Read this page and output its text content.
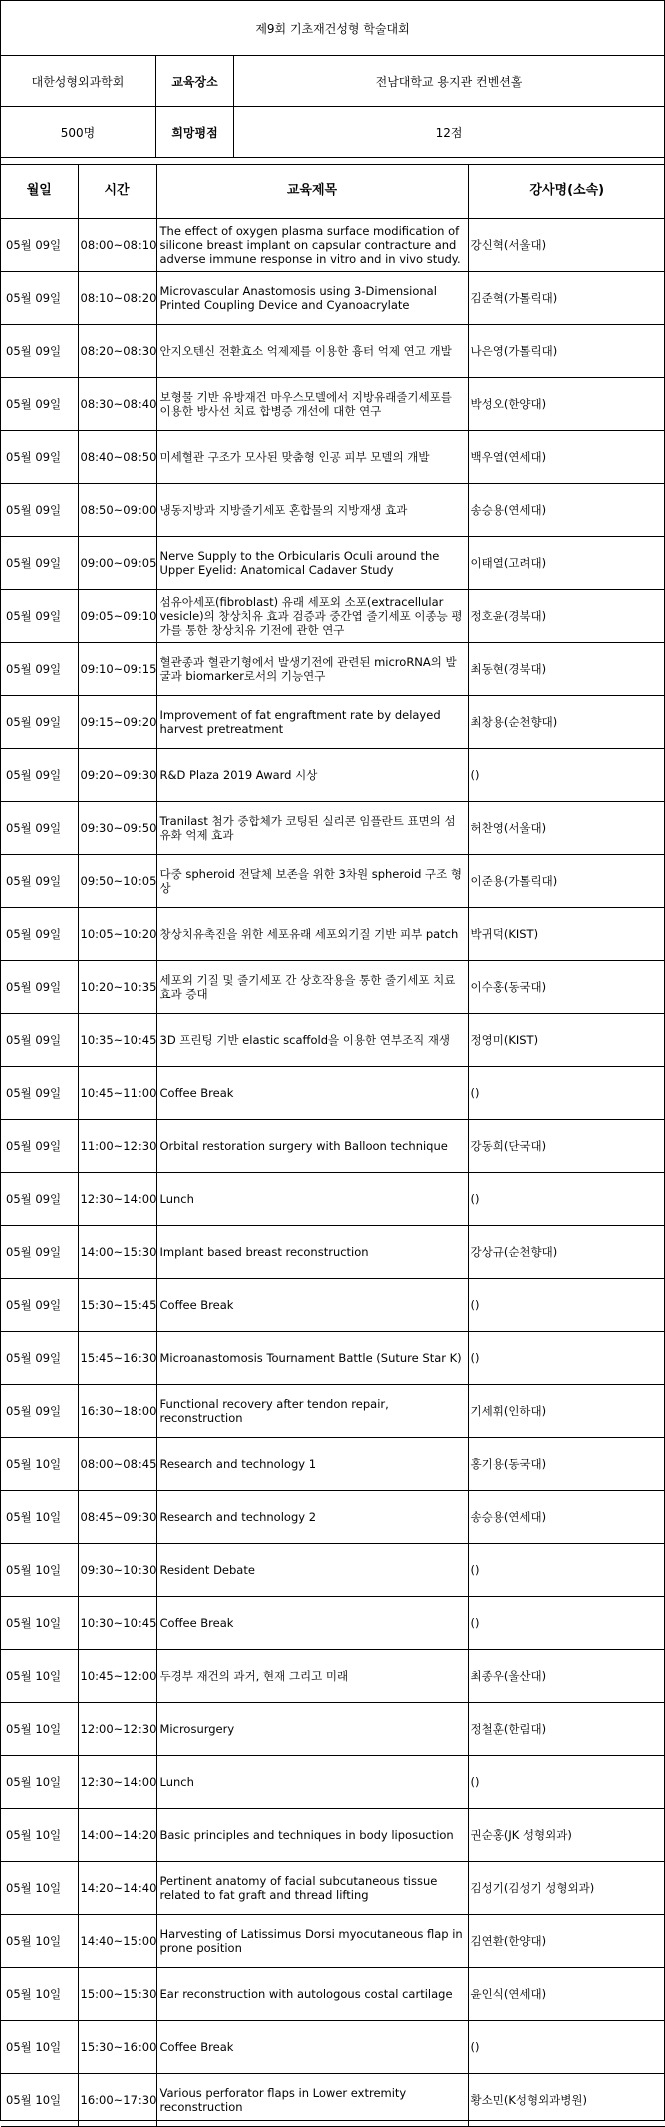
제9회 기초재건성형 학술대회
대한성형외과학회	교육장소	전남대학교 용지관 컨벤션홀
500명	희망평점	12점
월일	시간	교육제목	강사명(소속)
05월 09일	08:00~08:10	The effect of oxygen plasma surface modification of silicone breast implant on capsular contracture and adverse immune response in vitro and in vivo study.	강신혁(서울대)
05월 09일	08:10~08:20	Microvascular Anastomosis using 3-Dimensional Printed Coupling Device and Cyanoacrylate	김준혁(가톨릭대)
05월 09일	08:20~08:30	안지오텐신 전환효소 억제제를 이용한 흉터 억제 연고 개발	나은영(가톨릭대)
05월 09일	08:30~08:40	보형물 기반 유방재건 마우스모델에서 지방유래줄기세포를 이용한 방사선 치료 합병증 개선에 대한 연구	박성오(한양대)
05월 09일	08:40~08:50	미세혈관 구조가 모사된 맞춤형 인공 피부 모델의 개발	백우열(연세대)
05월 09일	08:50~09:00	냉동지방과 지방줄기세포 혼합물의 지방재생 효과	송승용(연세대)
05월 09일	09:00~09:05	Nerve Supply to the Orbicularis Oculi around the Upper Eyelid: Anatomical Cadaver Study	이태열(고려대)
05월 09일	09:05~09:10	섬유아세포(fibroblast) 유래 세포외 소포(extracellular vesicle)의 창상치유 효과 검증과 중간엽 줄기세포 이종능 평가를 통한 창상치유 기전에 관한 연구	정호윤(경북대)
05월 09일	09:10~09:15	혈관종과 혈관기형에서 발생기전에 관련된 microRNA의 발굴과 biomarker로서의 기능연구	최동현(경북대)
05월 09일	09:15~09:20	Improvement of fat engraftment rate by delayed harvest pretreatment	최창용(순천향대)
05월 09일	09:20~09:30	R&D Plaza 2019 Award 시상	()
05월 09일	09:30~09:50	Tranilast 첨가 중합체가 코팅된 실리콘 임플란트 표면의 섬유화 억제 효과	허찬영(서울대)
05월 09일	09:50~10:05	다중 spheroid 전달체 보존을 위한 3차원 spheroid 구조 형상	이준용(가톨릭대)
05월 09일	10:05~10:20	창상치유촉진을 위한 세포유래 세포외기질 기반 피부 patch	박귀덕(KIST)
05월 09일	10:20~10:35	세포외 기질 및 줄기세포 간 상호작용을 통한 줄기세포 치료효과 증대	이수홍(동국대)
05월 09일	10:35~10:45	3D 프린팅 기반 elastic scaffold을 이용한 연부조직 재생	정영미(KIST)
05월 09일	10:45~11:00	Coffee Break	()
05월 09일	11:00~12:30	Orbital restoration surgery with Balloon technique	강동희(단국대)
05월 09일	12:30~14:00	Lunch	()
05월 09일	14:00~15:30	Implant based breast reconstruction	강상규(순천향대)
05월 09일	15:30~15:45	Coffee Break	()
05월 09일	15:45~16:30	Microanastomosis Tournament Battle (Suture Star K)	()
05월 09일	16:30~18:00	Functional recovery after tendon repair, reconstruction	기세휘(인하대)
05월 10일	08:00~08:45	Research and technology 1	홍기용(동국대)
05월 10일	08:45~09:30	Research and technology 2	송승용(연세대)
05월 10일	09:30~10:30	Resident Debate	()
05월 10일	10:30~10:45	Coffee Break	()
05월 10일	10:45~12:00	두경부 재건의 과거, 현재 그리고 미래	최종우(울산대)
05월 10일	12:00~12:30	Microsurgery	정철훈(한림대)
05월 10일	12:30~14:00	Lunch	()
05월 10일	14:00~14:20	Basic principles and techniques in body liposuction	권순홍(JK 성형외과)
05월 10일	14:20~14:40	Pertinent anatomy of facial subcutaneous tissue related to fat graft and thread lifting	김성기(김성기 성형외과)
05월 10일	14:40~15:00	Harvesting of Latissimus Dorsi myocutaneous flap in prone position	김연환(한양대)
05월 10일	15:00~15:30	Ear reconstruction with autologous costal cartilage	윤인식(연세대)
05월 10일	15:30~16:00	Coffee Break	()
05월 10일	16:00~17:30	Various perforator flaps in Lower extremity reconstruction	황소민(K성형외과병원)
